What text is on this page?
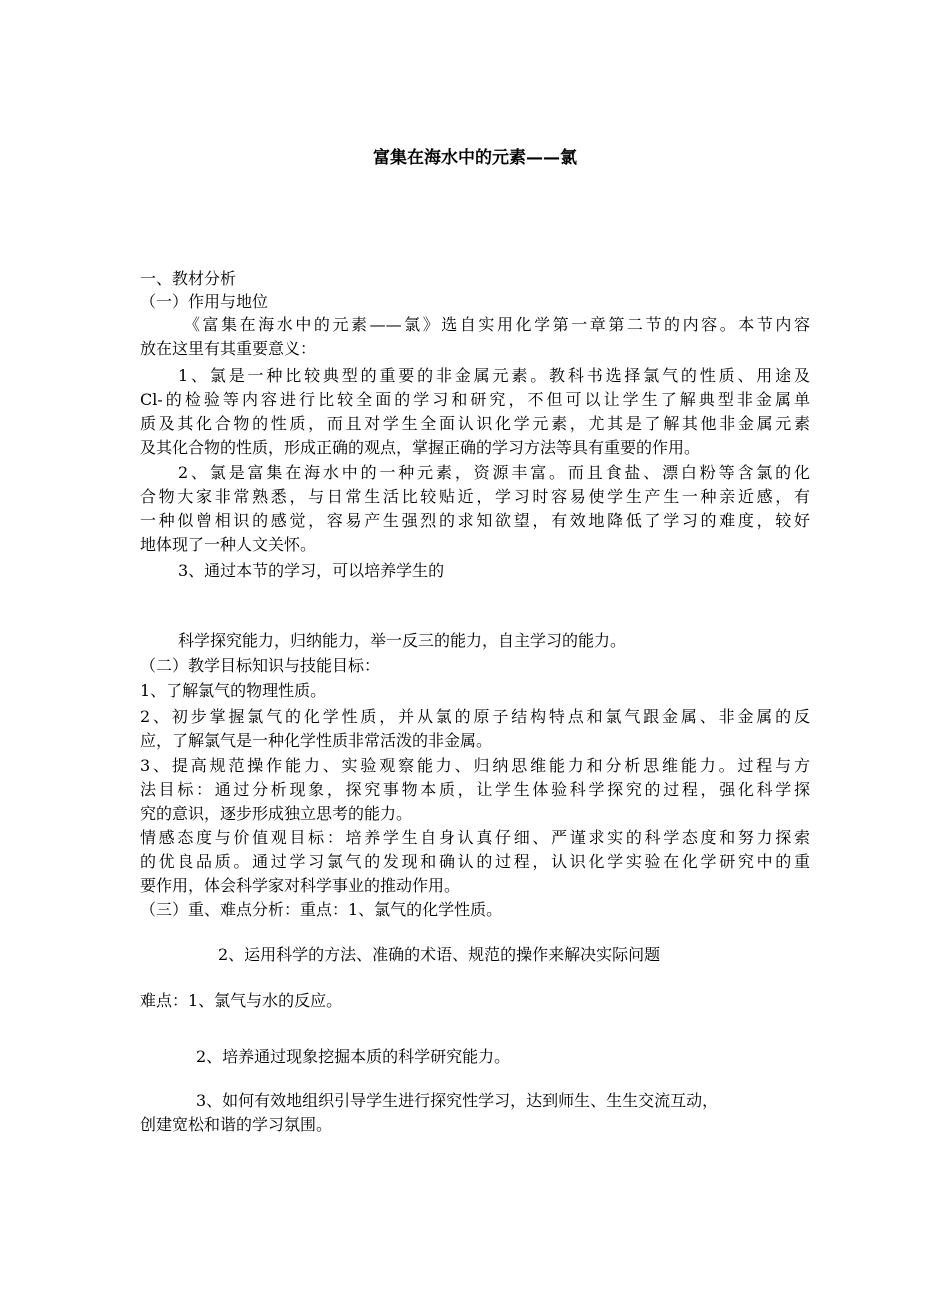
富集在海水中的元素——氯
一、教材分析
（一）作用与地位
《富集在海水中的元素——氯》选自实用化学第一章第二节的内容。本节内容
放在这里有其重要意义：
1、氯是一种比较典型的重要的非金属元素。教科书选择氯气的性质、用途及
Cl-的检验等内容进行比较全面的学习和研究，不但可以让学生了解典型非金属单
质及其化合物的性质，而且对学生全面认识化学元素，尤其是了解其他非金属元素
及其化合物的性质，形成正确的观点，掌握正确的学习方法等具有重要的作用。
2、氯是富集在海水中的一种元素，资源丰富。而且食盐、漂白粉等含氯的化
合物大家非常熟悉，与日常生活比较贴近，学习时容易使学生产生一种亲近感，有
一种似曾相识的感觉，容易产生强烈的求知欲望，有效地降低了学习的难度，较好
地体现了一种人文关怀。
3、通过本节的学习，可以培养学生的
科学探究能力，归纳能力，举一反三的能力，自主学习的能力。
（二）教学目标知识与技能目标：
1、了解氯气的物理性质。
2、初步掌握氯气的化学性质，并从氯的原子结构特点和氯气跟金属、非金属的反
应，了解氯气是一种化学性质非常活泼的非金属。
3、提高规范操作能力、实验观察能力、归纳思维能力和分析思维能力。过程与方
法目标：通过分析现象，探究事物本质，让学生体验科学探究的过程，强化科学探
究的意识，逐步形成独立思考的能力。
情感态度与价值观目标：培养学生自身认真仔细、严谨求实的科学态度和努力探索
的优良品质。通过学习氯气的发现和确认的过程，认识化学实验在化学研究中的重
要作用，体会科学家对科学事业的推动作用。
（三）重、难点分析：重点：1、氯气的化学性质。
2、运用科学的方法、准确的术语、规范的操作来解决实际问题
难点：1、氯气与水的反应。
2、培养通过现象挖掘本质的科学研究能力。
3、如何有效地组织引导学生进行探究性学习，达到师生、生生交流互动，
创建宽松和谐的学习氛围。
